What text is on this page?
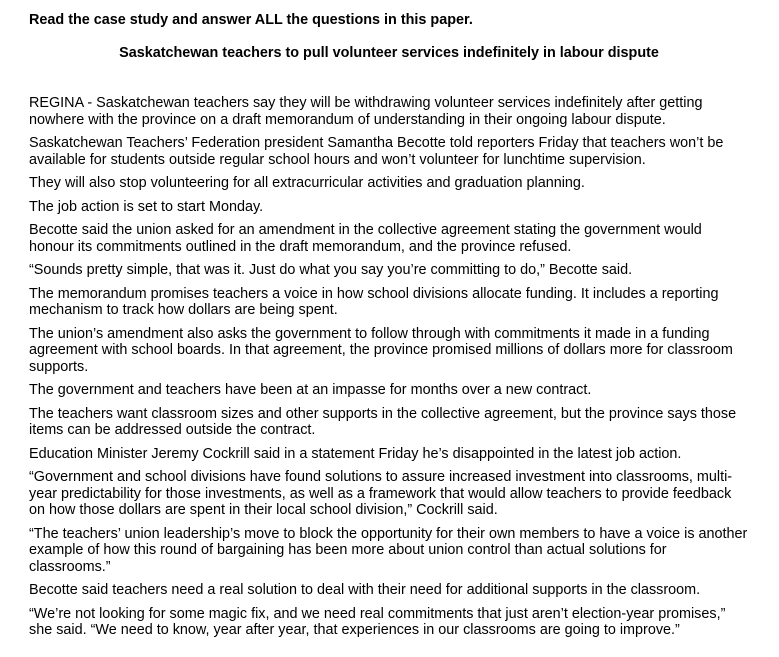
Read the case study and answer ALL the questions in this paper.
Saskatchewan teachers to pull volunteer services indefinitely in labour dispute

REGINA - Saskatchewan teachers say they will be withdrawing volunteer services indefinitely after getting nowhere with the province on a draft memorandum of understanding in their ongoing labour dispute.

Saskatchewan Teachers’ Federation president Samantha Becotte told reporters Friday that teachers won’t be available for students outside regular school hours and won’t volunteer for lunchtime supervision.

They will also stop volunteering for all extracurricular activities and graduation planning.

The job action is set to start Monday.

Becotte said the union asked for an amendment in the collective agreement stating the government would honour its commitments outlined in the draft memorandum, and the province refused.

“Sounds pretty simple, that was it. Just do what you say you’re committing to do,” Becotte said.

The memorandum promises teachers a voice in how school divisions allocate funding. It includes a reporting mechanism to track how dollars are being spent.

The union’s amendment also asks the government to follow through with commitments it made in a funding agreement with school boards. In that agreement, the province promised millions of dollars more for classroom supports.

The government and teachers have been at an impasse for months over a new contract.

The teachers want classroom sizes and other supports in the collective agreement, but the province says those items can be addressed outside the contract.

Education Minister Jeremy Cockrill said in a statement Friday he’s disappointed in the latest job action.

“Government and school divisions have found solutions to assure increased investment into classrooms, multi-year predictability for those investments, as well as a framework that would allow teachers to provide feedback on how those dollars are spent in their local school division,” Cockrill said.

“The teachers’ union leadership’s move to block the opportunity for their own members to have a voice is another example of how this round of bargaining has been more about union control than actual solutions for classrooms.”

Becotte said teachers need a real solution to deal with their need for additional supports in the classroom.

“We’re not looking for some magic fix, and we need real commitments that just aren’t election-year promises,” she said. “We need to know, year after year, that experiences in our classrooms are going to improve.”
